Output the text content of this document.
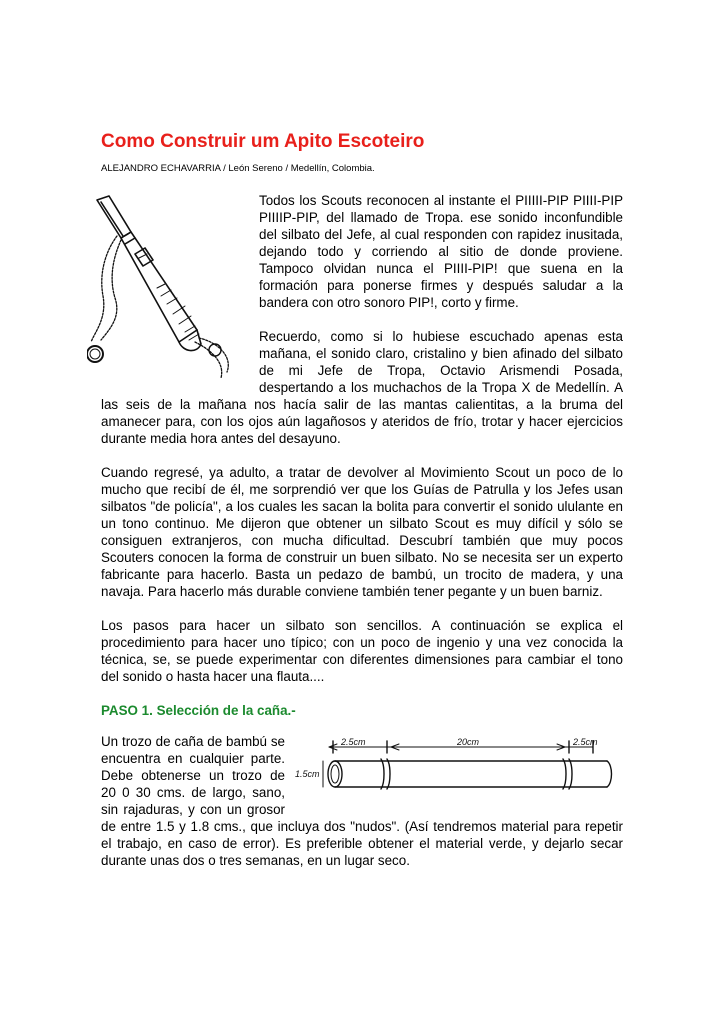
Como Construir um Apito Escoteiro
ALEJANDRO ECHAVARRIA / León Sereno / Medellín, Colombia.

Todos los Scouts reconocen al instante el PIIIII-PIP PIIII-PIP PIIIIP-PIP, del llamado de Tropa. ese sonido inconfundible del silbato del Jefe, al cual responden con rapidez inusitada, dejando todo y corriendo al sitio de donde proviene. Tampoco olvidan nunca el PIIII-PIP! que suena en la formación para ponerse firmes y después saludar a la bandera con otro sonoro PIP!, corto y firme.

Recuerdo, como si lo hubiese escuchado apenas esta mañana, el sonido claro, cristalino y bien afinado del silbato de mi Jefe de Tropa, Octavio Arismendi Posada, despertando a los muchachos de la Tropa X de Medellín. A las seis de la mañana nos hacía salir de las mantas calientitas, a la bruma del amanecer para, con los ojos aún lagañosos y ateridos de frío, trotar y hacer ejercicios durante media hora antes del desayuno.

Cuando regresé, ya adulto, a tratar de devolver al Movimiento Scout un poco de lo mucho que recibí de él, me sorprendió ver que los Guías de Patrulla y los Jefes usan silbatos "de policía", a los cuales les sacan la bolita para convertir el sonido ululante en un tono continuo. Me dijeron que obtener un silbato Scout es muy difícil y sólo se consiguen extranjeros, con mucha dificultad. Descubrí también que muy pocos Scouters conocen la forma de construir un buen silbato. No se necesita ser un experto fabricante para hacerlo. Basta un pedazo de bambú, un trocito de madera, y una navaja. Para hacerlo más durable conviene también tener pegante y un buen barniz.

Los pasos para hacer un silbato son sencillos. A continuación se explica el procedimiento para hacer uno típico; con un poco de ingenio y una vez conocida la técnica, se, se puede experimentar con diferentes dimensiones para cambiar el tono del sonido o hasta hacer una flauta....

PASO 1. Selección de la caña.-
2.5cm	20cm	2.5cm
1.5cm

Un trozo de caña de bambú se encuentra en cualquier parte. Debe obtenerse un trozo de 20 0 30 cms. de largo, sano, sin rajaduras, y con un grosor de entre 1.5 y 1.8 cms., que incluya dos "nudos". (Así tendremos material para repetir el trabajo, en caso de error). Es preferible obtener el material verde, y dejarlo secar durante unas dos o tres semanas, en un lugar seco.
